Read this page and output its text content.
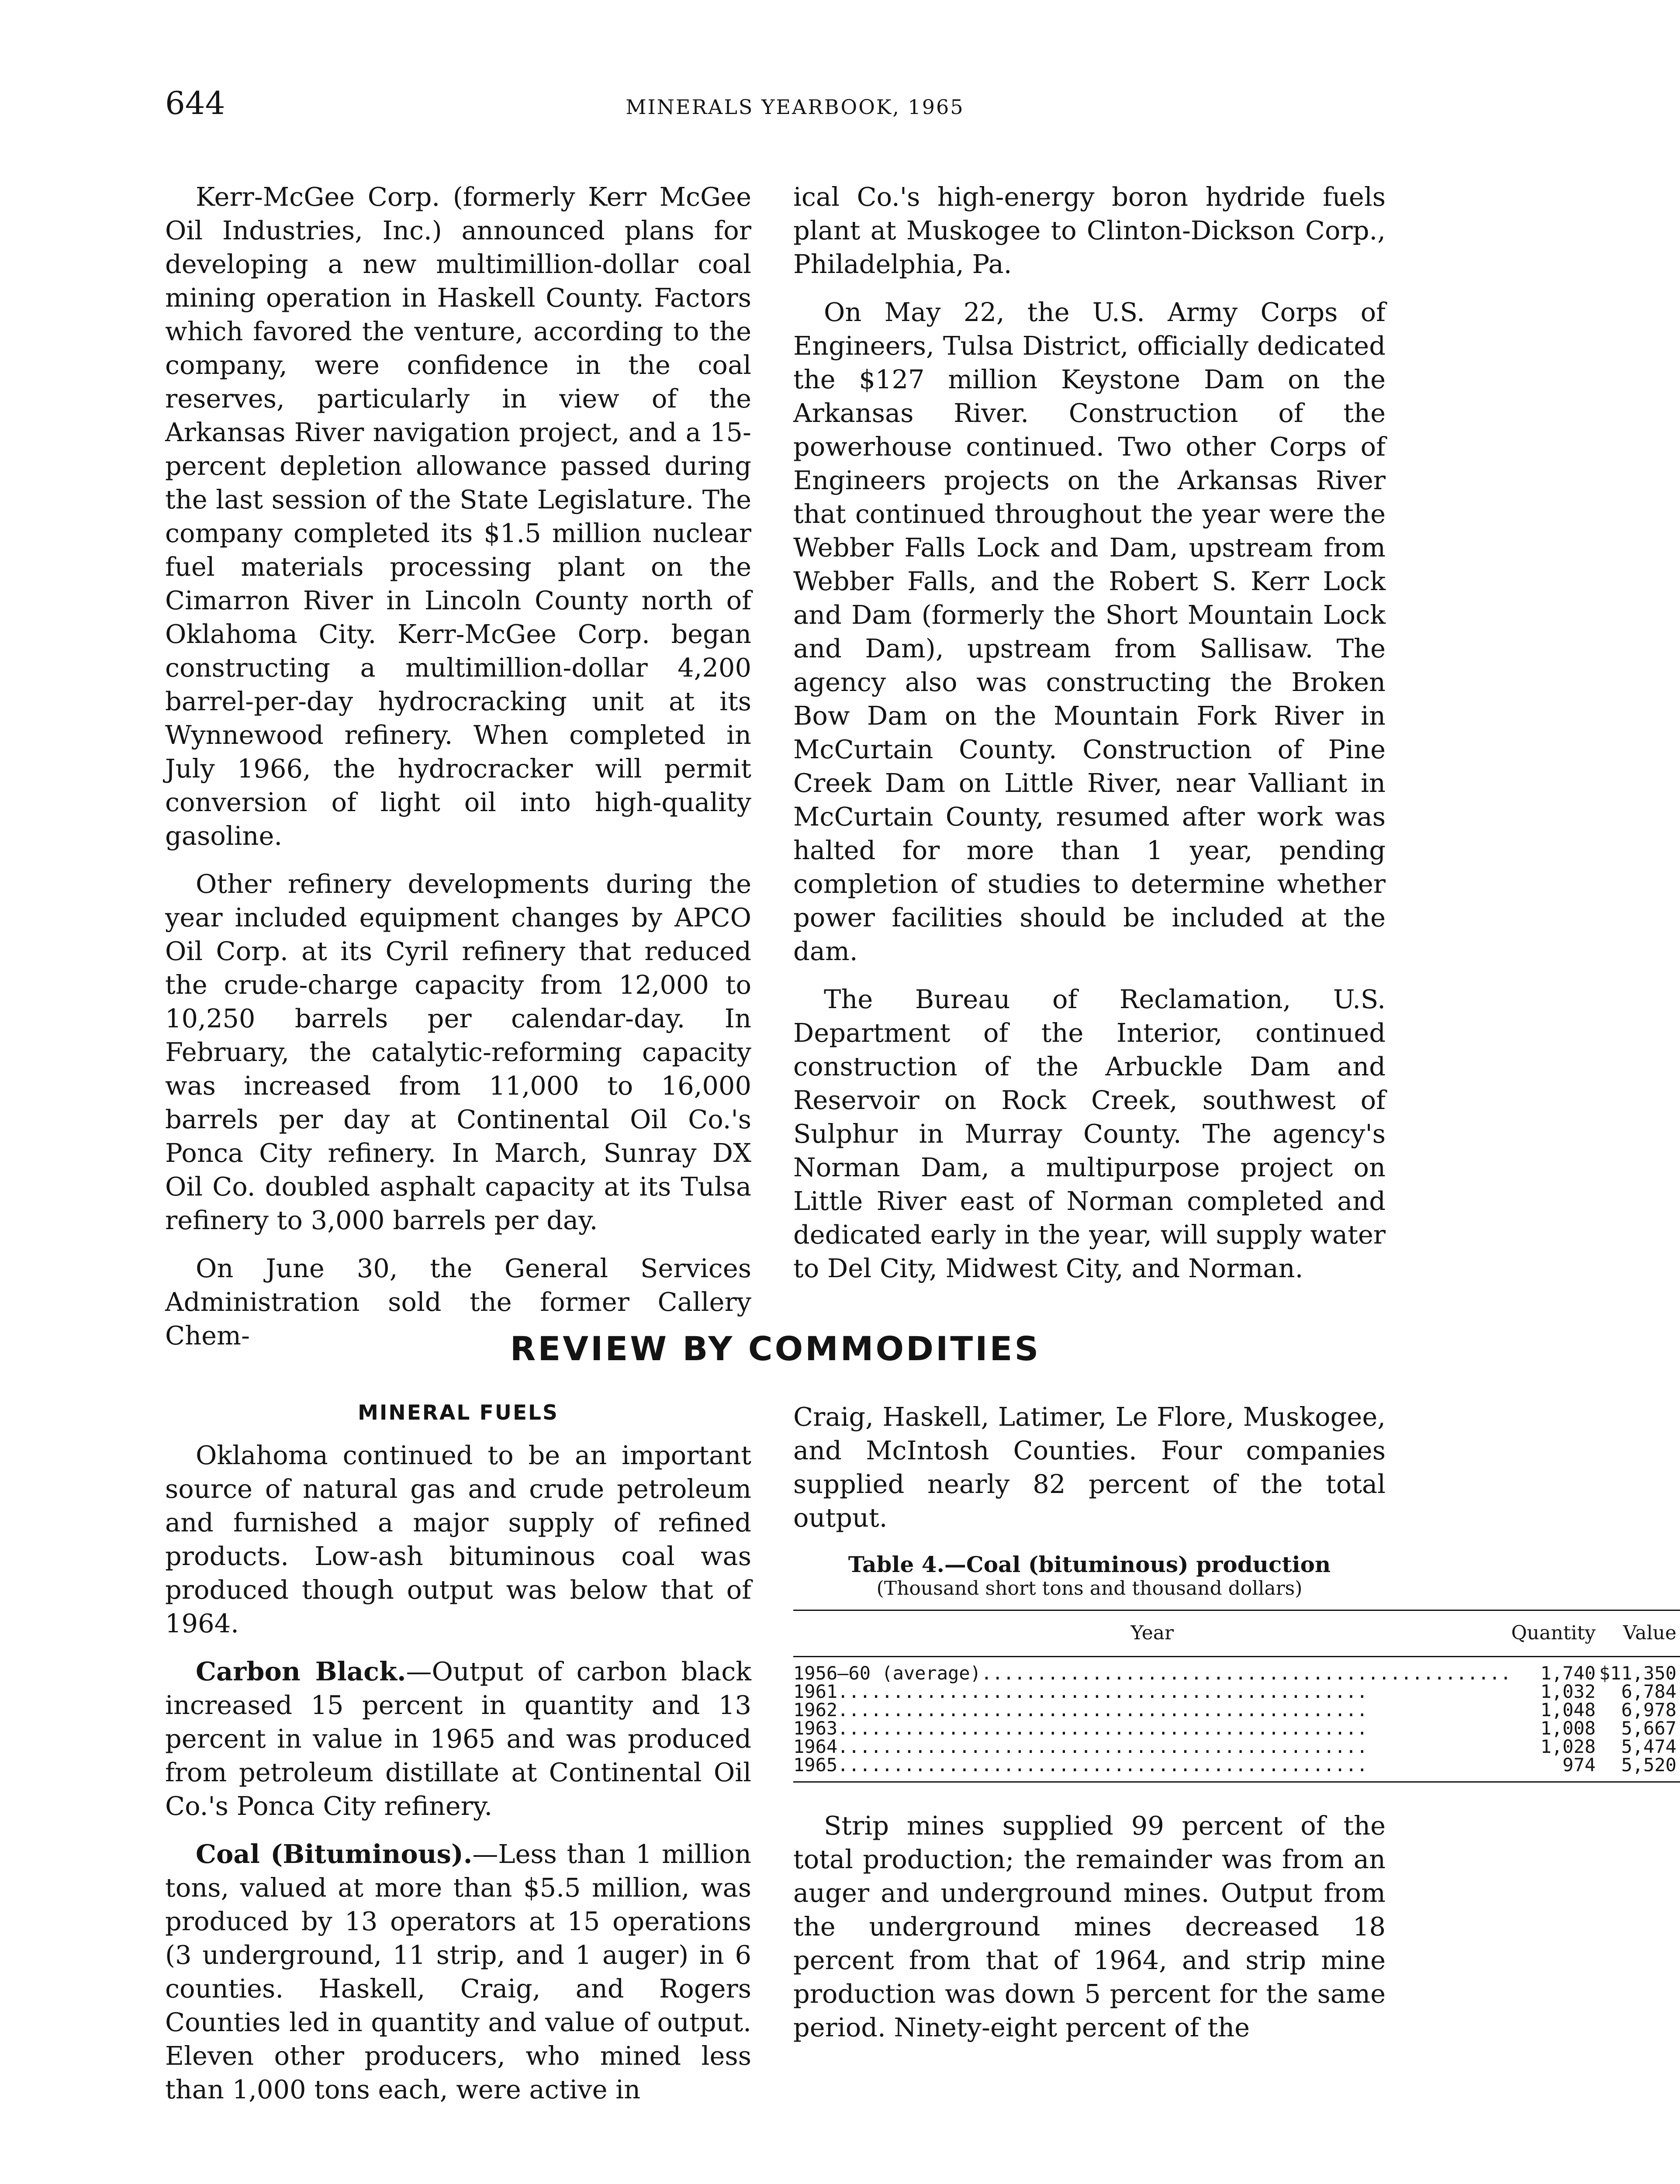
644	MINERALS YEARBOOK, 1965

Kerr-McGee Corp. (formerly Kerr McGee Oil Industries, Inc.) announced plans for developing a new multimillion-dollar coal mining operation in Haskell County. Factors which favored the venture, according to the company, were confidence in the coal reserves, particularly in view of the Arkansas River navigation project, and a 15-percent depletion allowance passed during the last session of the State Legislature. The company completed its $1.5 million nuclear fuel materials processing plant on the Cimarron River in Lincoln County north of Oklahoma City. Kerr-McGee Corp. began constructing a multimillion-dollar 4,200 barrel-per-day hydrocracking unit at its Wynnewood refinery. When completed in July 1966, the hydrocracker will permit conversion of light oil into high-quality gasoline.

Other refinery developments during the year included equipment changes by APCO Oil Corp. at its Cyril refinery that reduced the crude-charge capacity from 12,000 to 10,250 barrels per calendar-day. In February, the catalytic-reforming capacity was increased from 11,000 to 16,000 barrels per day at Continental Oil Co.'s Ponca City refinery. In March, Sunray DX Oil Co. doubled asphalt capacity at its Tulsa refinery to 3,000 barrels per day.

On June 30, the General Services Administration sold the former Callery Chem-

ical Co.'s high-energy boron hydride fuels plant at Muskogee to Clinton-Dickson Corp., Philadelphia, Pa.

On May 22, the U.S. Army Corps of Engineers, Tulsa District, officially dedicated the $127 million Keystone Dam on the Arkansas River. Construction of the powerhouse continued. Two other Corps of Engineers projects on the Arkansas River that continued throughout the year were the Webber Falls Lock and Dam, upstream from Webber Falls, and the Robert S. Kerr Lock and Dam (formerly the Short Mountain Lock and Dam), upstream from Sallisaw. The agency also was constructing the Broken Bow Dam on the Mountain Fork River in McCurtain County. Construction of Pine Creek Dam on Little River, near Valliant in McCurtain County, resumed after work was halted for more than 1 year, pending completion of studies to determine whether power facilities should be included at the dam.

The Bureau of Reclamation, U.S. Department of the Interior, continued construction of the Arbuckle Dam and Reservoir on Rock Creek, southwest of Sulphur in Murray County. The agency's Norman Dam, a multipurpose project on Little River east of Norman completed and dedicated early in the year, will supply water to Del City, Midwest City, and Norman.

REVIEW BY COMMODITIES
MINERAL FUELS

Oklahoma continued to be an important source of natural gas and crude petroleum and furnished a major supply of refined products. Low-ash bituminous coal was produced though output was below that of 1964.

Carbon Black.—Output of carbon black increased 15 percent in quantity and 13 percent in value in 1965 and was produced from petroleum distillate at Continental Oil Co.'s Ponca City refinery.

Coal (Bituminous).—Less than 1 million tons, valued at more than $5.5 million, was produced by 13 operators at 15 operations (3 underground, 11 strip, and 1 auger) in 6 counties. Haskell, Craig, and Rogers Counties led in quantity and value of output. Eleven other producers, who mined less than 1,000 tons each, were active in

Craig, Haskell, Latimer, Le Flore, Muskogee, and McIntosh Counties. Four companies supplied nearly 82 percent of the total output.

Table 4.—Coal (bituminous) production
(Thousand short tons and thousand dollars)
Year	Quantity	Value
1956–60 (average) .....	1,740	$11,350
1961 .....	1,032	6,784
1962 .....	1,048	6,978
1963 .....	1,008	5,667
1964 .....	1,028	5,474
1965 .....	974	5,520

Strip mines supplied 99 percent of the total production; the remainder was from an auger and underground mines. Output from the underground mines decreased 18 percent from that of 1964, and strip mine production was down 5 percent for the same period. Ninety-eight percent of the
